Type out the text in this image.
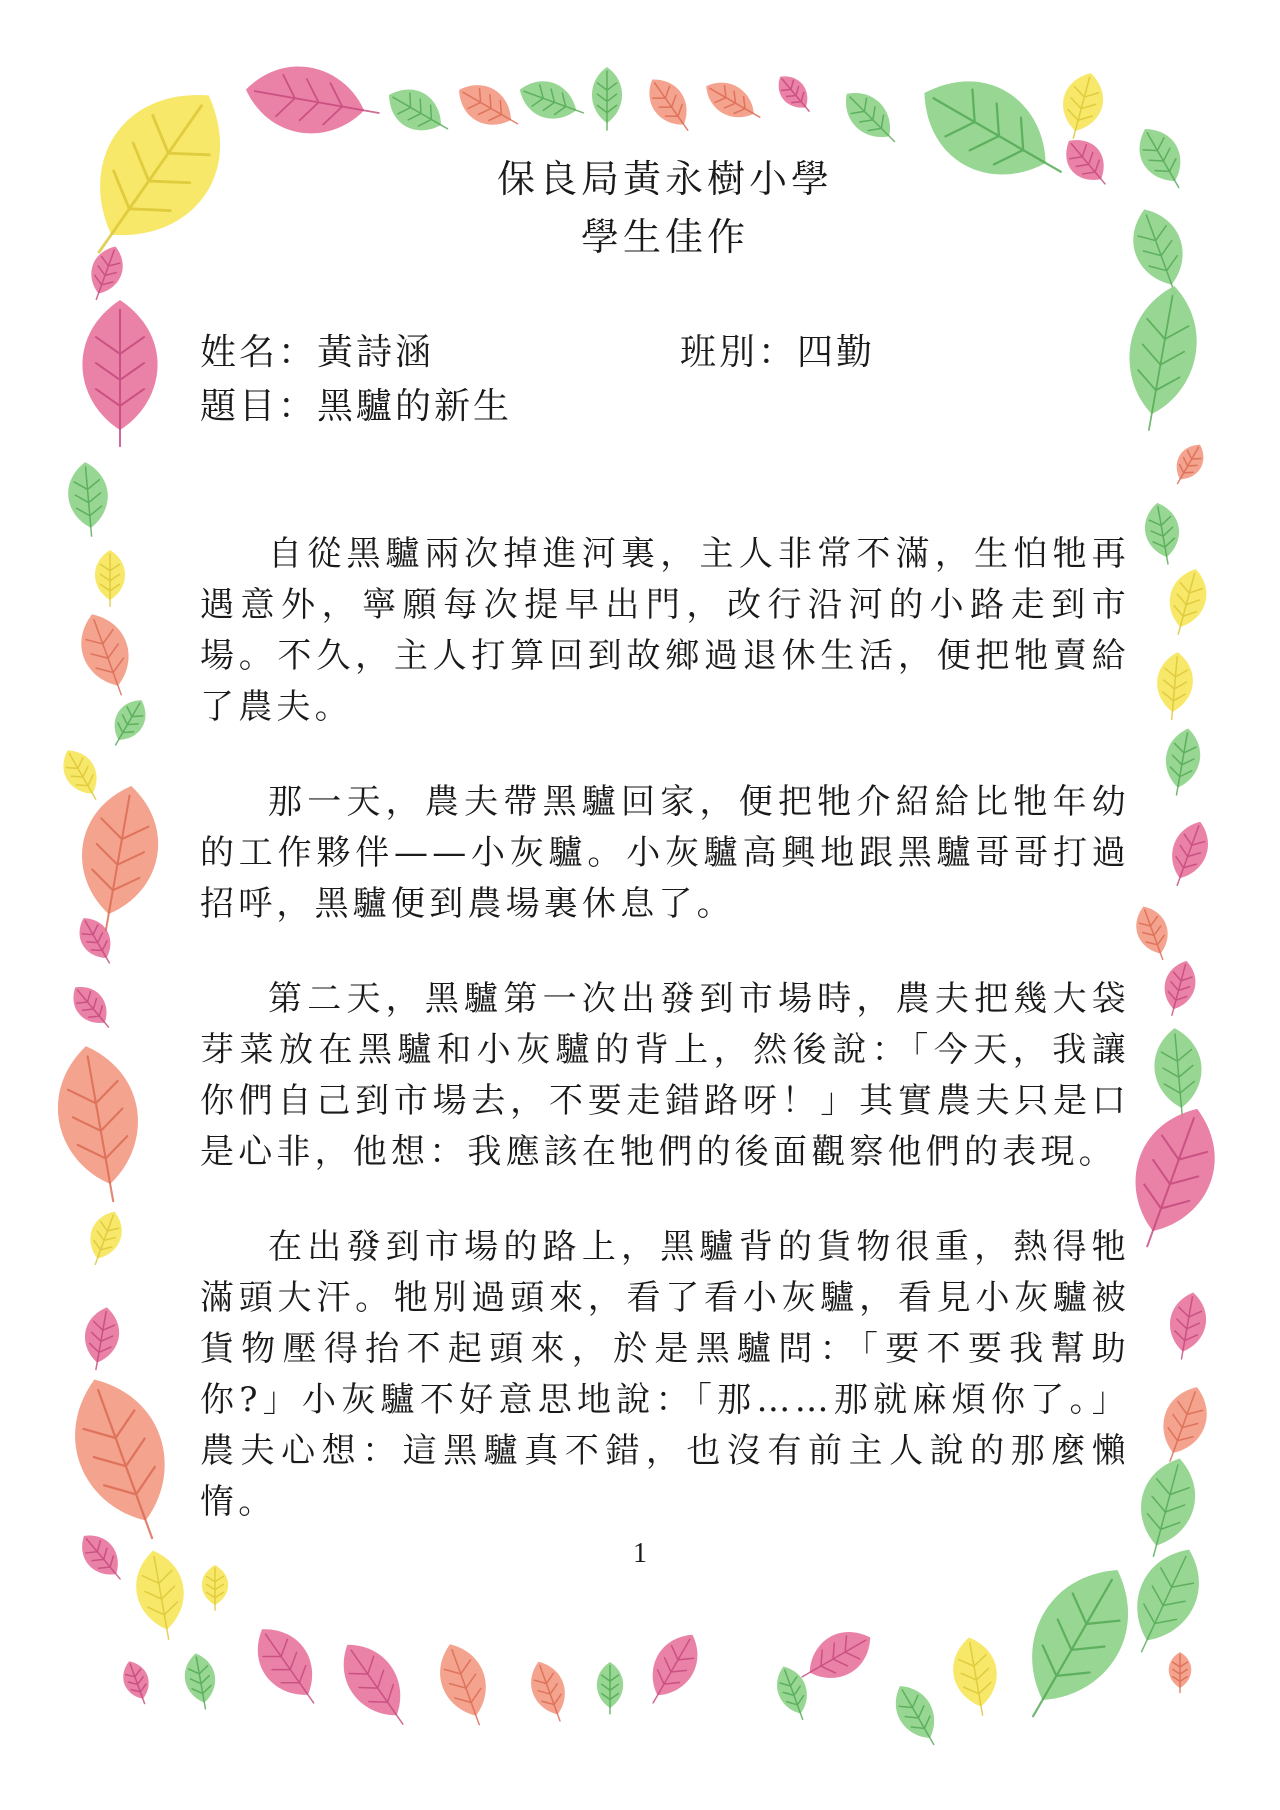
保良局黃永樹小學
學生佳作
姓名：黃詩涵	班別：四勤
題目：黑驢的新生

自從黑驢兩次掉進河裏，主人非常不滿，生怕牠再遇意外，寧願每次提早出門，改行沿河的小路走到市場。不久，主人打算回到故鄉過退休生活，便把牠賣給了農夫。

那一天，農夫帶黑驢回家，便把牠介紹給比牠年幼的工作夥伴——小灰驢。小灰驢高興地跟黑驢哥哥打過招呼，黑驢便到農場裏休息了。

第二天，黑驢第一次出發到市場時，農夫把幾大袋芽菜放在黑驢和小灰驢的背上，然後說：「今天，我讓你們自己到市場去，不要走錯路呀！」其實農夫只是口是心非，他想：我應該在牠們的後面觀察他們的表現。

在出發到市場的路上，黑驢背的貨物很重，熱得牠滿頭大汗。牠別過頭來，看了看小灰驢，看見小灰驢被貨物壓得抬不起頭來，於是黑驢問：「要不要我幫助你?」小灰驢不好意思地說：「那……那就麻煩你了。」農夫心想：這黑驢真不錯，也沒有前主人說的那麼懶惰。

1
